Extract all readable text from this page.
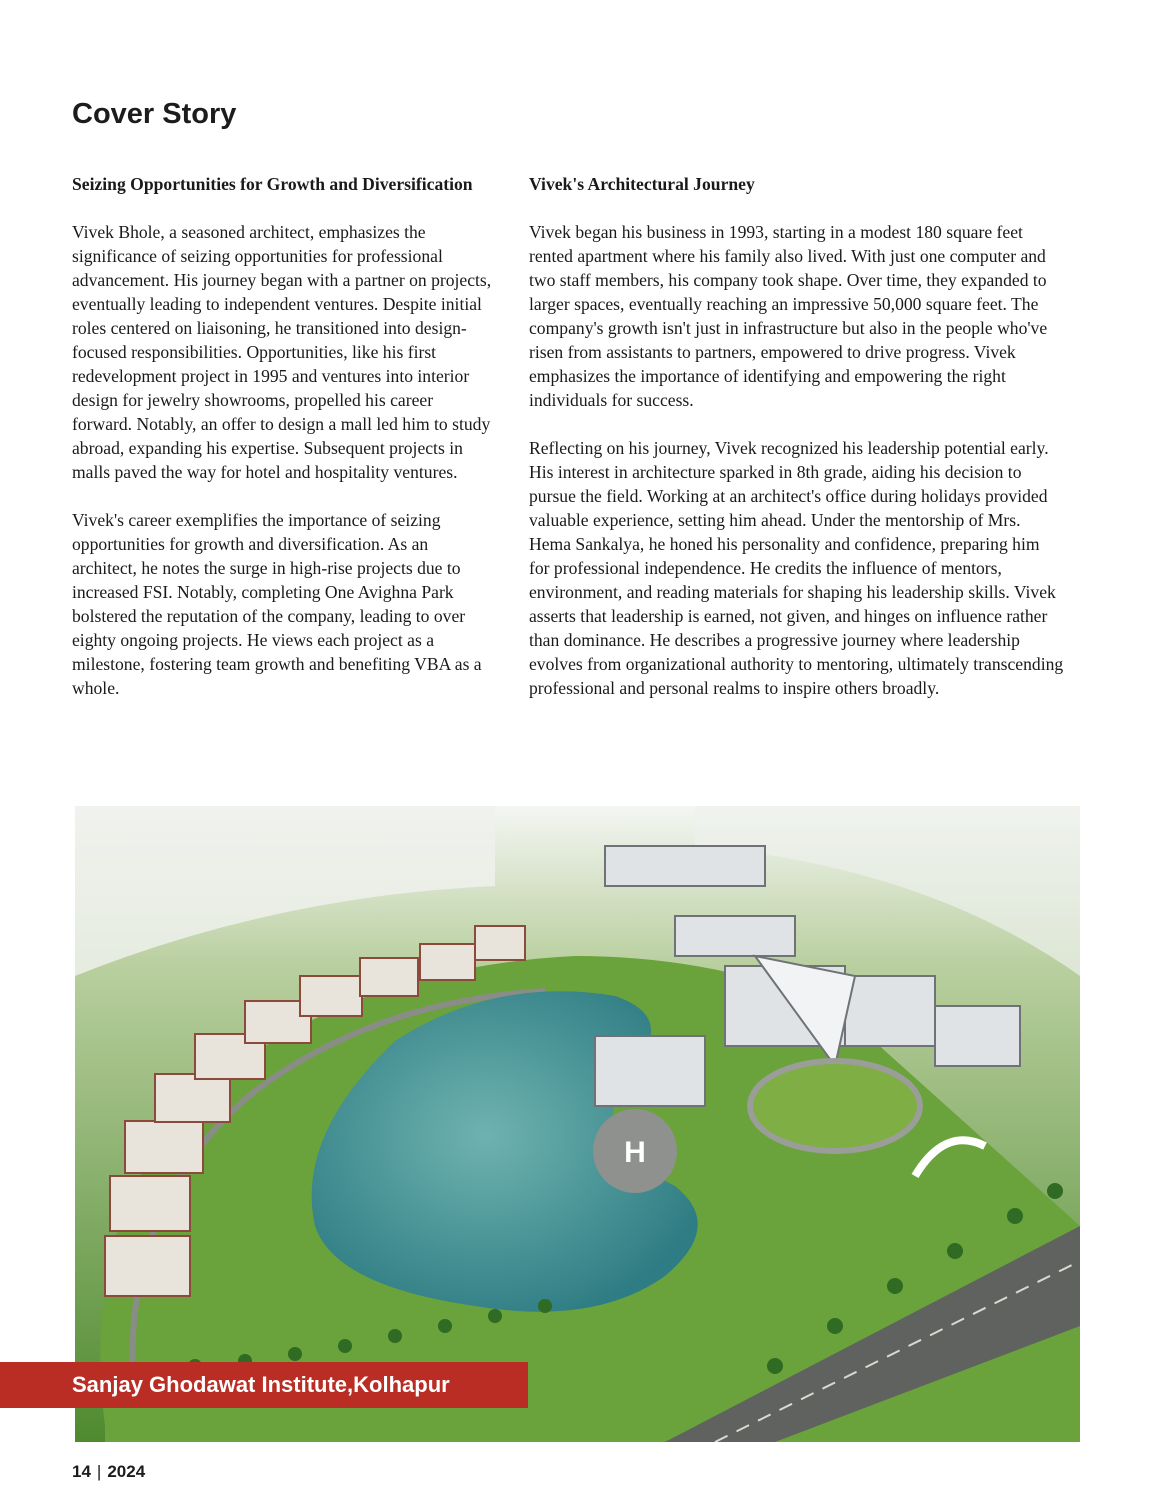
Cover Story
Seizing Opportunities for Growth and Diversification

Vivek Bhole, a seasoned architect, emphasizes the significance of seizing opportunities for professional advancement. His journey began with a partner on projects, eventually leading to independent ventures. Despite initial roles centered on liaisoning, he transitioned into design-focused responsibilities. Opportunities, like his first redevelopment project in 1995 and ventures into interior design for jewelry showrooms, propelled his career forward. Notably, an offer to design a mall led him to study abroad, expanding his expertise. Subsequent projects in malls paved the way for hotel and hospitality ventures.

Vivek's career exemplifies the importance of seizing opportunities for growth and diversification. As an architect, he notes the surge in high-rise projects due to increased FSI. Notably, completing One Avighna Park bolstered the reputation of the company, leading to over eighty ongoing projects. He views each project as a milestone, fostering team growth and benefiting VBA as a whole.

Vivek's Architectural Journey

Vivek began his business in 1993, starting in a modest 180 square feet rented apartment where his family also lived. With just one computer and two staff members, his company took shape. Over time, they expanded to larger spaces, eventually reaching an impressive 50,000 square feet. The company's growth isn't just in infrastructure but also in the people who've risen from assistants to partners, empowered to drive progress. Vivek emphasizes the importance of identifying and empowering the right individuals for success.

Reflecting on his journey, Vivek recognized his leadership potential early. His interest in architecture sparked in 8th grade, aiding his decision to pursue the field. Working at an architect's office during holidays provided valuable experience, setting him ahead. Under the mentorship of Mrs. Hema Sankalya, he honed his personality and confidence, preparing him for professional independence. He credits the influence of mentors, environment, and reading materials for shaping his leadership skills. Vivek asserts that leadership is earned, not given, and hinges on influence rather than dominance. He describes a progressive journey where leadership evolves from organizational authority to mentoring, ultimately transcending professional and personal realms to inspire others broadly.

H
Sanjay Ghodawat Institute,Kolhapur
14 | 2024
